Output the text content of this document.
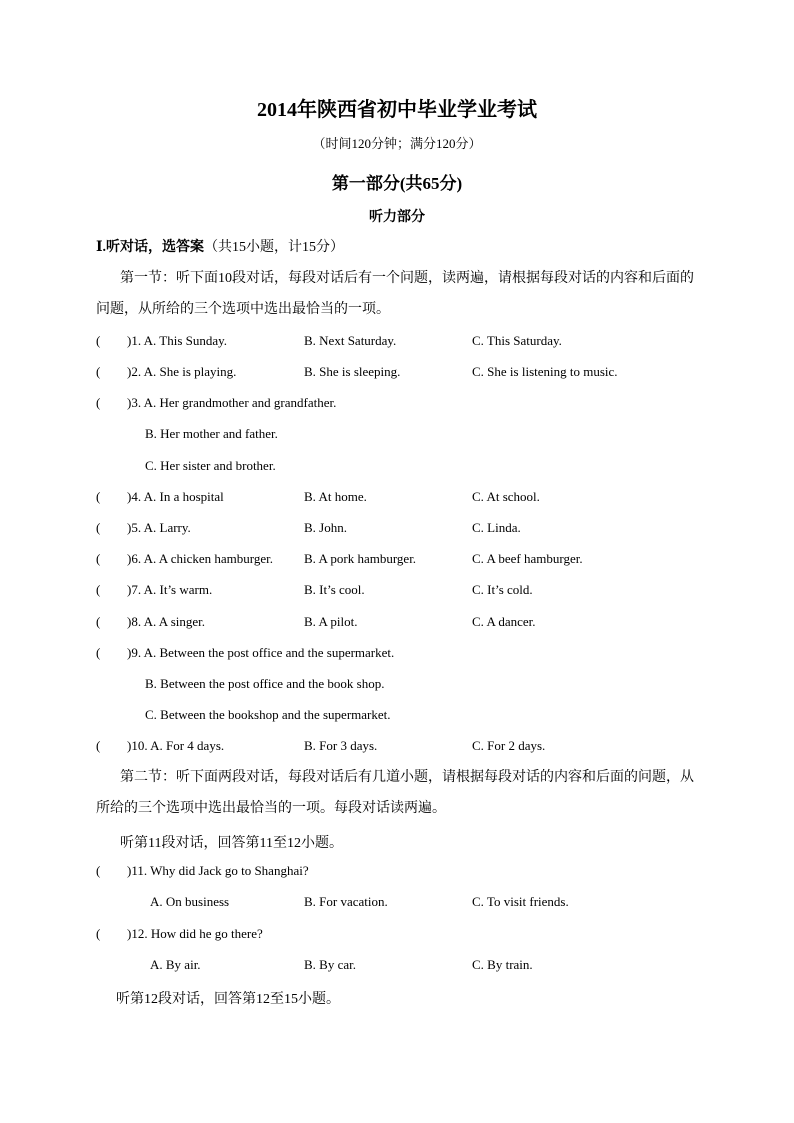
2014年陕西省初中毕业学业考试
（时间120分钟；满分120分）
第一部分(共65分)
听力部分
Ⅰ.听对话，选答案（共15小题，计15分）
第一节：听下面10段对话，每段对话后有一个问题，读两遍，请根据每段对话的内容和后面的问题，从所给的三个选项中选出最恰当的一项。
( )1. A. This Sunday.	B. Next Saturday.	C. This Saturday.
( )2. A. She is playing.	B. She is sleeping.	C. She is listening to music.
( )3. A. Her grandmother and grandfather.
B. Her mother and father.
C. Her sister and brother.
( )4. A. In a hospital	B. At home.	C. At school.
( )5. A. Larry.	B. John.	C. Linda.
( )6. A. A chicken hamburger. B. A pork hamburger.	C. A beef hamburger.
( )7. A. It’s warm.	B. It’s cool.	C. It’s cold.
( )8. A. A singer.	B. A pilot.	C. A dancer.
( )9. A. Between the post office and the supermarket.
B. Between the post office and the book shop.
C. Between the bookshop and the supermarket.
( )10. A. For 4 days.	B. For 3 days.	C. For 2 days.
第二节：听下面两段对话，每段对话后有几道小题，请根据每段对话的内容和后面的问题，从所给的三个选项中选出最恰当的一项。每段对话读两遍。
听第11段对话，回答第11至12小题。
( )11. Why did Jack go to Shanghai?
A. On business	B. For vacation.	C. To visit friends.
( )12. How did he go there?
A. By air.	B. By car.	C. By train.
听第12段对话，回答第12至15小题。
